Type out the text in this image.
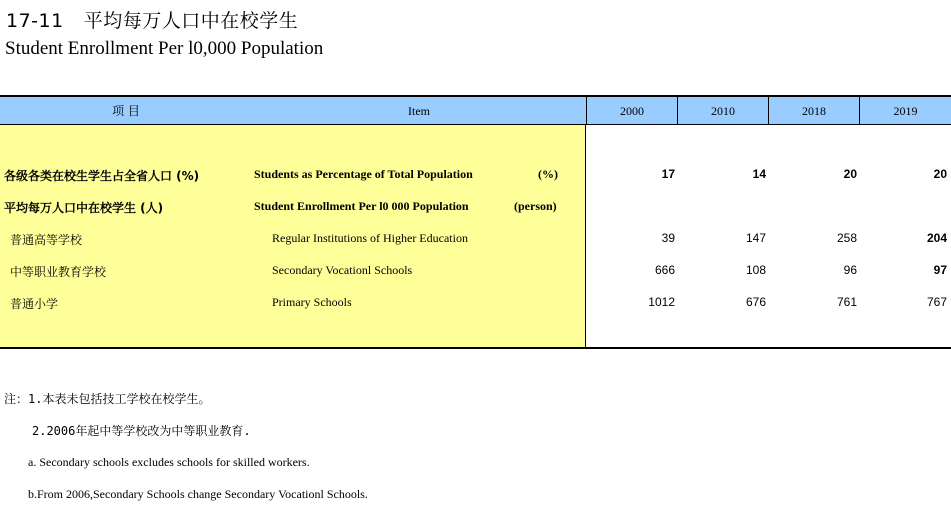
17-11 平均每万人口中在校学生
Student Enrollment Per l0,000 Population
项 目	Item	2000	2010	2018	2019
各级各类在校生学生占全省人口 (%)	Students as Percentage of Total Population	(%)	17	14	20	20
平均每万人口中在校学生 (人)	Student Enrollment Per l0 000 Population	(person)
普通高等学校	Regular Institutions of Higher Education	39	147	258	204
中等职业教育学校	Secondary Vocationl Schools	666	108	96	97
普通小学	Primary Schools	1012	676	761	767
注：1.本表未包括技工学校在校学生。
2.2006年起中等学校改为中等职业教育.
a. Secondary schools excludes schools for skilled workers.
b.From 2006,Secondary Schools change Secondary Vocationl Schools.
